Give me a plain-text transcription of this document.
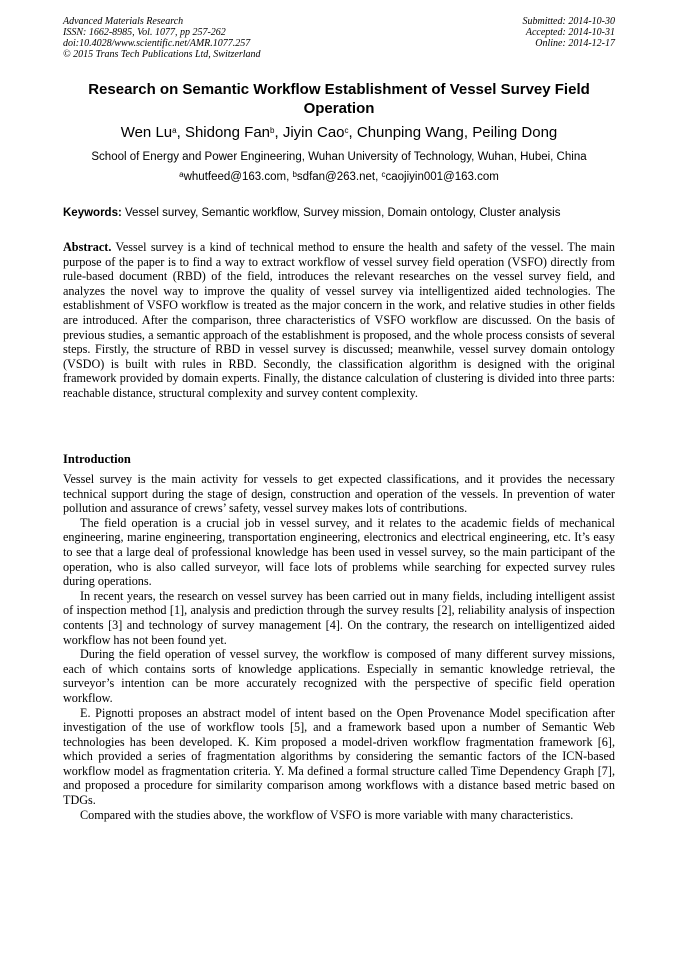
Advanced Materials Research
ISSN: 1662-8985, Vol. 1077, pp 257-262
doi:10.4028/www.scientific.net/AMR.1077.257
© 2015 Trans Tech Publications Ltd, Switzerland
Submitted: 2014-10-30
Accepted: 2014-10-31
Online: 2014-12-17
Research on Semantic Workflow Establishment of Vessel Survey Field Operation
Wen Lu$^a$, Shidong Fan$^b$, Jiyin Cao$^c$, Chunping Wang, Peiling Dong
School of Energy and Power Engineering, Wuhan University of Technology, Wuhan, Hubei, China
$^a$whutfeed@163.com, $^b$sdfan@263.net, $^c$caojiyin001@163.com
Keywords: Vessel survey, Semantic workflow, Survey mission, Domain ontology, Cluster analysis
Abstract. Vessel survey is a kind of technical method to ensure the health and safety of the vessel. The main purpose of the paper is to find a way to extract workflow of vessel survey field operation (VSFO) directly from rule-based document (RBD) of the field, introduces the relevant researches on the vessel survey field, and analyzes the novel way to improve the quality of vessel survey via intelligentized aided technologies. The establishment of VSFO workflow is treated as the major concern in the work, and relative studies in other fields are introduced. After the comparison, three characteristics of VSFO workflow are discussed. On the basis of previous studies, a semantic approach of the establishment is proposed, and the whole process consists of several steps. Firstly, the structure of RBD in vessel survey is discussed; meanwhile, vessel survey domain ontology (VSDO) is built with rules in RBD. Secondly, the classification algorithm is designed with the original framework provided by domain experts. Finally, the distance calculation of clustering is divided into three parts: reachable distance, structural complexity and survey content complexity.
Introduction

Vessel survey is the main activity for vessels to get expected classifications, and it provides the necessary technical support during the stage of design, construction and operation of the vessels. In prevention of water pollution and assurance of crews’ safety, vessel survey makes lots of contributions.

The field operation is a crucial job in vessel survey, and it relates to the academic fields of mechanical engineering, marine engineering, transportation engineering, electronics and electrical engineering, etc. It’s easy to see that a large deal of professional knowledge has been used in vessel survey, so the main participant of the operation, who is also called surveyor, will face lots of problems while searching for expected survey rules during operations.

In recent years, the research on vessel survey has been carried out in many fields, including intelligent assist of inspection method [1], analysis and prediction through the survey results [2], reliability analysis of inspection contents [3] and technology of survey management [4]. On the contrary, the research on intelligentized aided workflow has not been found yet.

During the field operation of vessel survey, the workflow is composed of many different survey missions, each of which contains sorts of knowledge applications. Especially in semantic knowledge retrieval, the surveyor’s intention can be more accurately recognized with the perspective of specific field operation workflow.

E. Pignotti proposes an abstract model of intent based on the Open Provenance Model specification after investigation of the use of workflow tools [5], and a framework based upon a number of Semantic Web technologies has been developed. K. Kim proposed a model-driven workflow fragmentation framework [6], which provided a series of fragmentation algorithms by considering the semantic factors of the ICN-based workflow model as fragmentation criteria. Y. Ma defined a formal structure called Time Dependency Graph [7], and proposed a procedure for similarity comparison among workflows with a distance based metric based on TDGs.

Compared with the studies above, the workflow of VSFO is more variable with many characteristics.
